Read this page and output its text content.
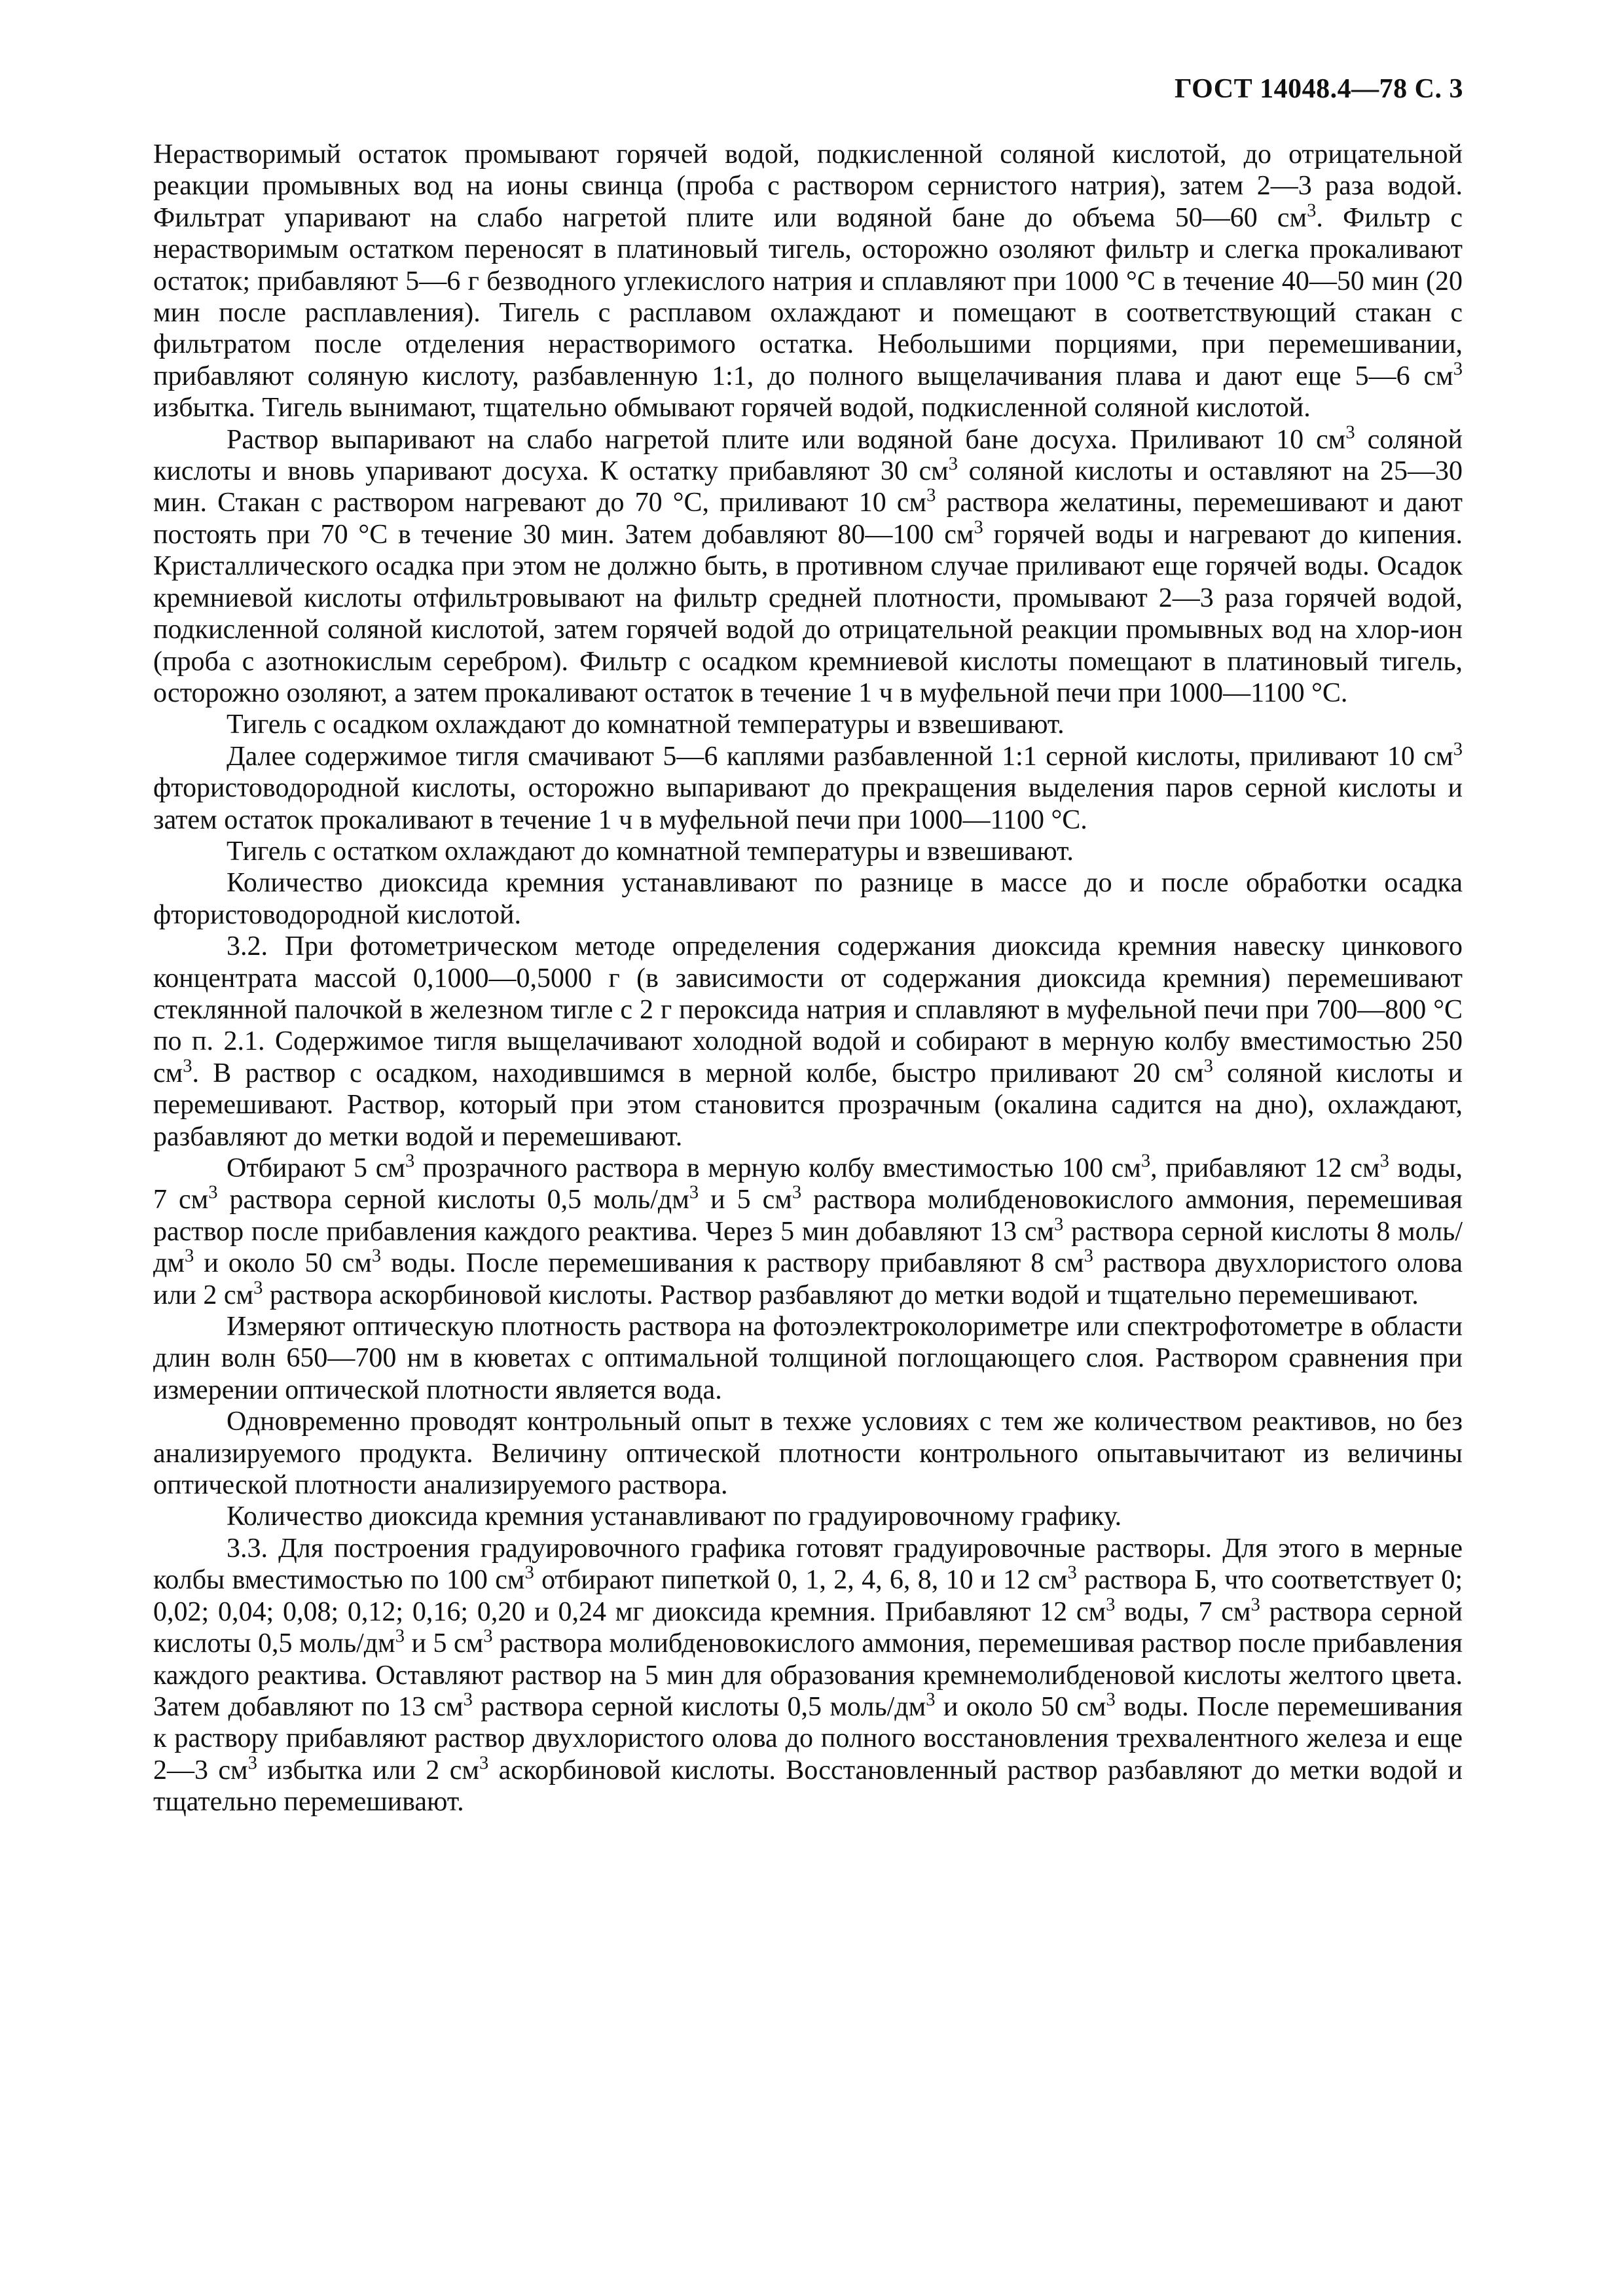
ГОСТ 14048.4—78 С. 3

Нерастворимый остаток промывают горячей водой, подкисленной соляной кислотой, до отрицательной реакции промывных вод на ионы свинца (проба с раствором сернистого натрия), затем 2—3 раза водой. Фильтрат упаривают на слабо нагретой плите или водяной бане до объема 50—60 $см^3$. Фильтр с нерастворимым остатком переносят в платиновый тигель, осторожно озоляют фильтр и слегка прокаливают остаток; прибавляют 5—6 г безводного углекислого натрия и сплавляют при 1000 °С в течение 40—50 мин (20 мин после расплавления). Тигель с расплавом охлаждают и помещают в соответствующий стакан с фильтратом после отделения нерастворимого остатка. Небольшими порциями, при перемешивании, прибавляют соляную кислоту, разбавленную 1:1, до полного выщелачивания плава и дают еще 5—6 $см^3$ избытка. Тигель вынимают, тщательно обмывают горячей водой, подкисленной соляной кислотой.

Раствор выпаривают на слабо нагретой плите или водяной бане досуха. Приливают 10 $см^3$ соляной кислоты и вновь упаривают досуха. К остатку прибавляют 30 $см^3$ соляной кислоты и оставляют на 25—30 мин. Стакан с раствором нагревают до 70 °С, приливают 10 $см^3$ раствора желатины, перемешивают и дают постоять при 70 °С в течение 30 мин. Затем добавляют 80—100 $см^3$ горячей воды и нагревают до кипения. Кристаллического осадка при этом не должно быть, в противном случае приливают еще горячей воды. Осадок кремниевой кислоты отфильтровывают на фильтр средней плотности, промывают 2—3 раза горячей водой, подкисленной соляной кислотой, затем горячей водой до отрицательной реакции промывных вод на хлор-ион (проба с азотнокислым серебром). Фильтр с осадком кремниевой кислоты помещают в платиновый тигель, осторожно озоляют, а затем прокаливают остаток в течение 1 ч в муфельной печи при 1000—1100 °С.

Тигель с осадком охлаждают до комнатной температуры и взвешивают.

Далее содержимое тигля смачивают 5—6 каплями разбавленной 1:1 серной кислоты, приливают 10 $см^3$ фтористоводородной кислоты, осторожно выпаривают до прекращения выделения паров серной кислоты и затем остаток прокаливают в течение 1 ч в муфельной печи при 1000—1100 °С.

Тигель с остатком охлаждают до комнатной температуры и взвешивают.

Количество диоксида кремния устанавливают по разнице в массе до и после обработки осадка фтористоводородной кислотой.

3.2. При фотометрическом методе определения содержания диоксида кремния навеску цинкового концентрата массой 0,1000—0,5000 г (в зависимости от содержания диоксида кремния) перемешивают стеклянной палочкой в железном тигле с 2 г пероксида натрия и сплавляют в муфельной печи при 700—800 °С по п. 2.1. Содержимое тигля выщелачивают холодной водой и собирают в мерную колбу вместимостью 250 $см^3$. В раствор с осадком, находившимся в мерной колбе, быстро приливают 20 $см^3$ соляной кислоты и перемешивают. Раствор, который при этом становится прозрачным (окалина садится на дно), охлаждают, разбавляют до метки водой и перемешивают.

Отбирают 5 $см^3$ прозрачного раствора в мерную колбу вместимостью 100 $см^3$, прибавляют 12 $см^3$ воды, 7 $см^3$ раствора серной кислоты 0,5 моль/$дм^3$ и 5 $см^3$ раствора молибденовокислого аммония, перемешивая раствор после прибавления каждого реактива. Через 5 мин добавляют 13 $см^3$ раствора серной кислоты 8 моль/$дм^3$ и около 50 $см^3$ воды. После перемешивания к раствору прибавляют 8 $см^3$ раствора двухлористого олова или 2 $см^3$ раствора аскорбиновой кислоты. Раствор разбавляют до метки водой и тщательно перемешивают.

Измеряют оптическую плотность раствора на фотоэлектроколориметре или спектрофотометре в области длин волн 650—700 нм в кюветах с оптимальной толщиной поглощающего слоя. Раствором сравнения при измерении оптической плотности является вода.

Одновременно проводят контрольный опыт в техже условиях с тем же количеством реактивов, но без анализируемого продукта. Величину оптической плотности контрольного опытавычитают из величины оптической плотности анализируемого раствора.

Количество диоксида кремния устанавливают по градуировочному графику.

3.3. Для построения градуировочного графика готовят градуировочные растворы. Для этого в мерные колбы вместимостью по 100 $см^3$ отбирают пипеткой 0, 1, 2, 4, 6, 8, 10 и 12 $см^3$ раствора Б, что соответствует 0; 0,02; 0,04; 0,08; 0,12; 0,16; 0,20 и 0,24 мг диоксида кремния. Прибавляют 12 $см^3$ воды, 7 $см^3$ раствора серной кислоты 0,5 моль/$дм^3$ и 5 $см^3$ раствора молибденовокислого аммония, перемешивая раствор после прибавления каждого реактива. Оставляют раствор на 5 мин для образования кремнемолибденовой кислоты желтого цвета. Затем добавляют по 13 $см^3$ раствора серной кислоты 0,5 моль/$дм^3$ и около 50 $см^3$ воды. После перемешивания к раствору прибавляют раствор двухлористого олова до полного восстановления трехвалентного железа и еще 2—3 $см^3$ избытка или 2 $см^3$ аскорбиновой кислоты. Восстановленный раствор разбавляют до метки водой и тщательно перемешивают.
